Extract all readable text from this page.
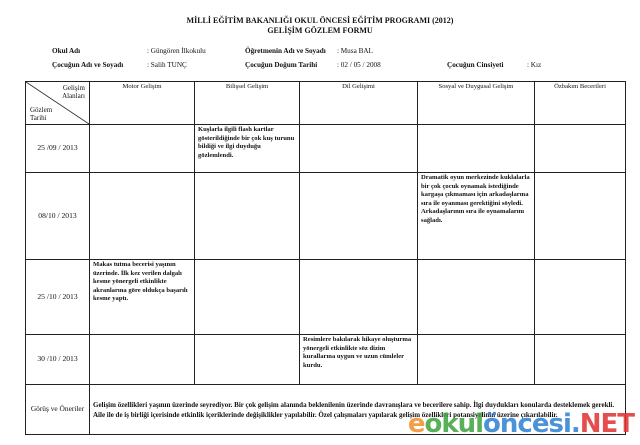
MİLLİ EĞİTİM BAKANLIĞI OKUL ÖNCESİ EĞİTİM PROGRAMI (2012)
GELİŞİM GÖZLEM FORMU
Okul Adı	: Güngören İlkokulu	Öğretmenin Adı ve Soyadı : Musa BAL
Çocuğun Adı ve Soyadı	: Salih TUNÇ	Çocuğun Doğum Tarihi	: 02 / 05 / 2008	Çocuğun Cinsiyeti	: Kız
Gelişim Alanları
Gözlem Tarihi	Motor Gelişim	Bilişsel Gelişim	Dil Gelişimi	Sosyal ve Duygusal Gelişim	Özbakım Becerileri
25 /09 / 2013		Kuşlarla ilgili flash kartlar gösterildiğinde bir çok kuş turunu bildiği ve ilgi duyduğu gözlemlendi.			
08/10 / 2013				Dramatik oyun merkezinde kuklalarla bir çok çocuk oynamak istediğinde kargaşa çıkmaması için arkadaşlarına sıra ile oyanması gerektiğini söyledi. Arkadaşlarının sıra ile oynamalarını sağladı.	
25 /10 / 2013	Makas tutma becerisi yaşının üzerinde. İlk kez verilen dalgalı kesme yönergeli etkinlikte akranlarına göre oldukça başarılı kesme yaptı.				
30 /10 / 2013			Resimlere bakılarak hikaye oluşturma yönergeli etkinlikte söz dizim kurallarına uygun ve uzun cümleler kurdu.		
Görüş ve Öneriler	Gelişim özellikleri yaşının üzerinde seyrediyor. Bir çok gelişim alanında beklenilenin üzerinde davranışlara ve becerilere sahip. İlgi duydukları konularda desteklemek gerekli. Aile ile de iş birliği içerisinde etkinlik içeriklerinde değişiklikler yapılabilir. Özel çalışmaları yapılarak gelişim özellikleri potansiyelinin üzerine çıkarılabilir.				
eokulöncesi.NET
